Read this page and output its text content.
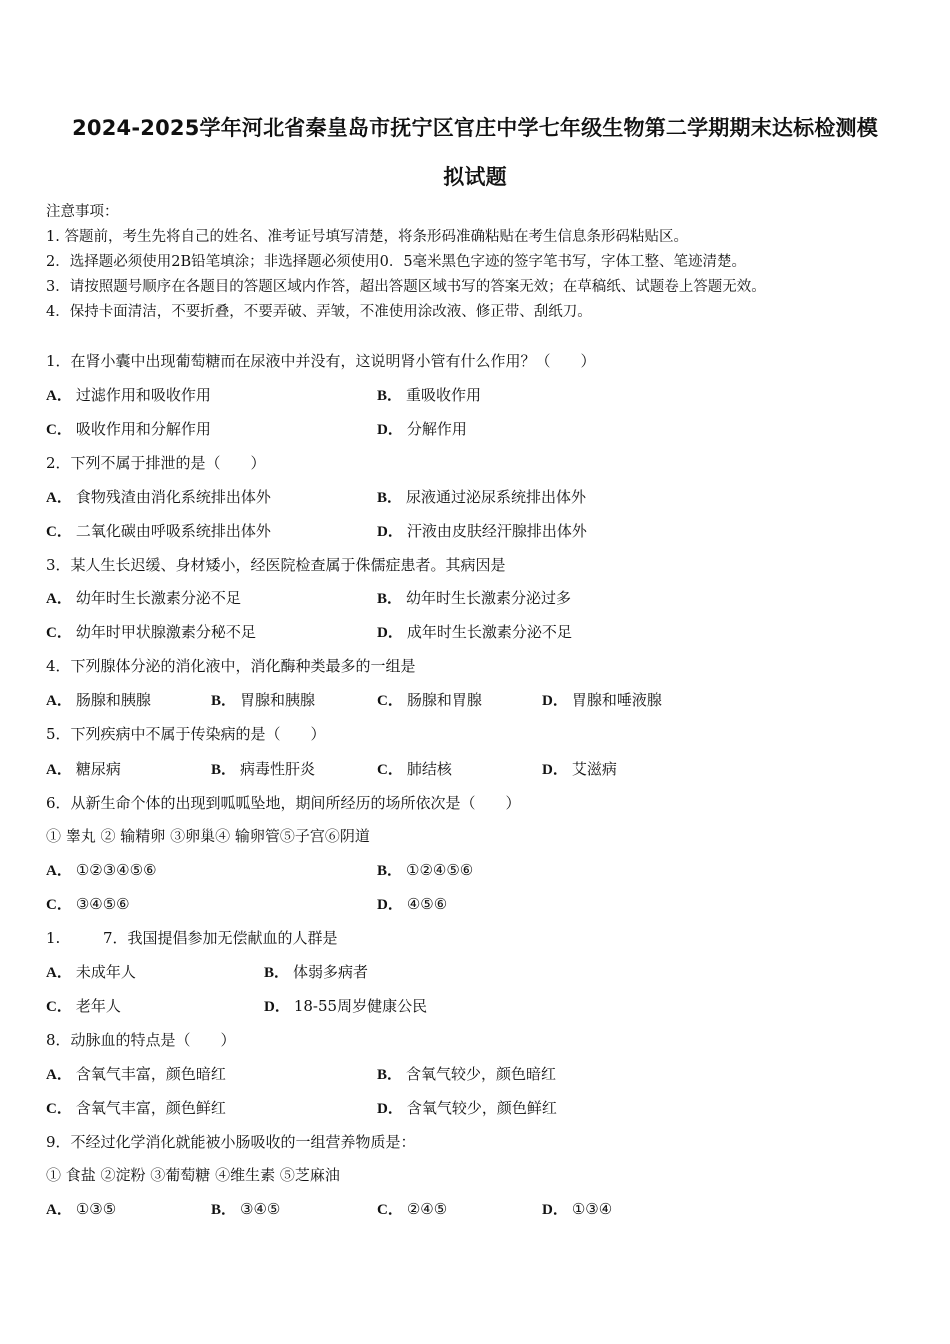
2024-2025学年河北省秦皇岛市抚宁区官庄中学七年级生物第二学期期末达标检测模
拟试题
注意事项：
1. 答题前，考生先将自己的姓名、准考证号填写清楚，将条形码准确粘贴在考生信息条形码粘贴区。
2．选择题必须使用2B铅笔填涂；非选择题必须使用0．5毫米黑色字迹的签字笔书写，字体工整、笔迹清楚。
3．请按照题号顺序在各题目的答题区域内作答，超出答题区域书写的答案无效；在草稿纸、试题卷上答题无效。
4．保持卡面清洁，不要折叠，不要弄破、弄皱，不准使用涂改液、修正带、刮纸刀。
1．在肾小囊中出现葡萄糖而在尿液中并没有，这说明肾小管有什么作用？（　　）
A． 过滤作用和吸收作用	B． 重吸收作用
C． 吸收作用和分解作用	D． 分解作用
2．下列不属于排泄的是（　　）
A． 食物残渣由消化系统排出体外	B． 尿液通过泌尿系统排出体外
C． 二氧化碳由呼吸系统排出体外	D． 汗液由皮肤经汗腺排出体外
3．某人生长迟缓、身材矮小，经医院检查属于侏儒症患者。其病因是
A． 幼年时生长激素分泌不足	B． 幼年时生长激素分泌过多
C． 幼年时甲状腺激素分秘不足	D． 成年时生长激素分泌不足
4．下列腺体分泌的消化液中，消化酶种类最多的一组是
A． 肠腺和胰腺	B． 胃腺和胰腺	C． 肠腺和胃腺	D． 胃腺和唾液腺
5．下列疾病中不属于传染病的是（　　）
A． 糖尿病	B． 病毒性肝炎	C． 肺结核	D． 艾滋病
6．从新生命个体的出现到呱呱坠地，期间所经历的场所依次是（　　）
① 睾丸 ② 输精卵 ③卵巢④ 输卵管⑤子宫⑥阴道
A． ①②③④⑤⑥	B． ①②④⑤⑥
C． ③④⑤⑥	D． ④⑤⑥
1.	7．我国提倡参加无偿献血的人群是
A． 未成年人	B． 体弱多病者
C． 老年人	D． 18-55周岁健康公民
8．动脉血的特点是（　　）
A． 含氧气丰富，颜色暗红	B． 含氧气较少，颜色暗红
C． 含氧气丰富，颜色鲜红	D． 含氧气较少，颜色鲜红
9．不经过化学消化就能被小肠吸收的一组营养物质是：
① 食盐 ②淀粉 ③葡萄糖 ④维生素 ⑤芝麻油
A． ①③⑤	B． ③④⑤	C． ②④⑤	D． ①③④
